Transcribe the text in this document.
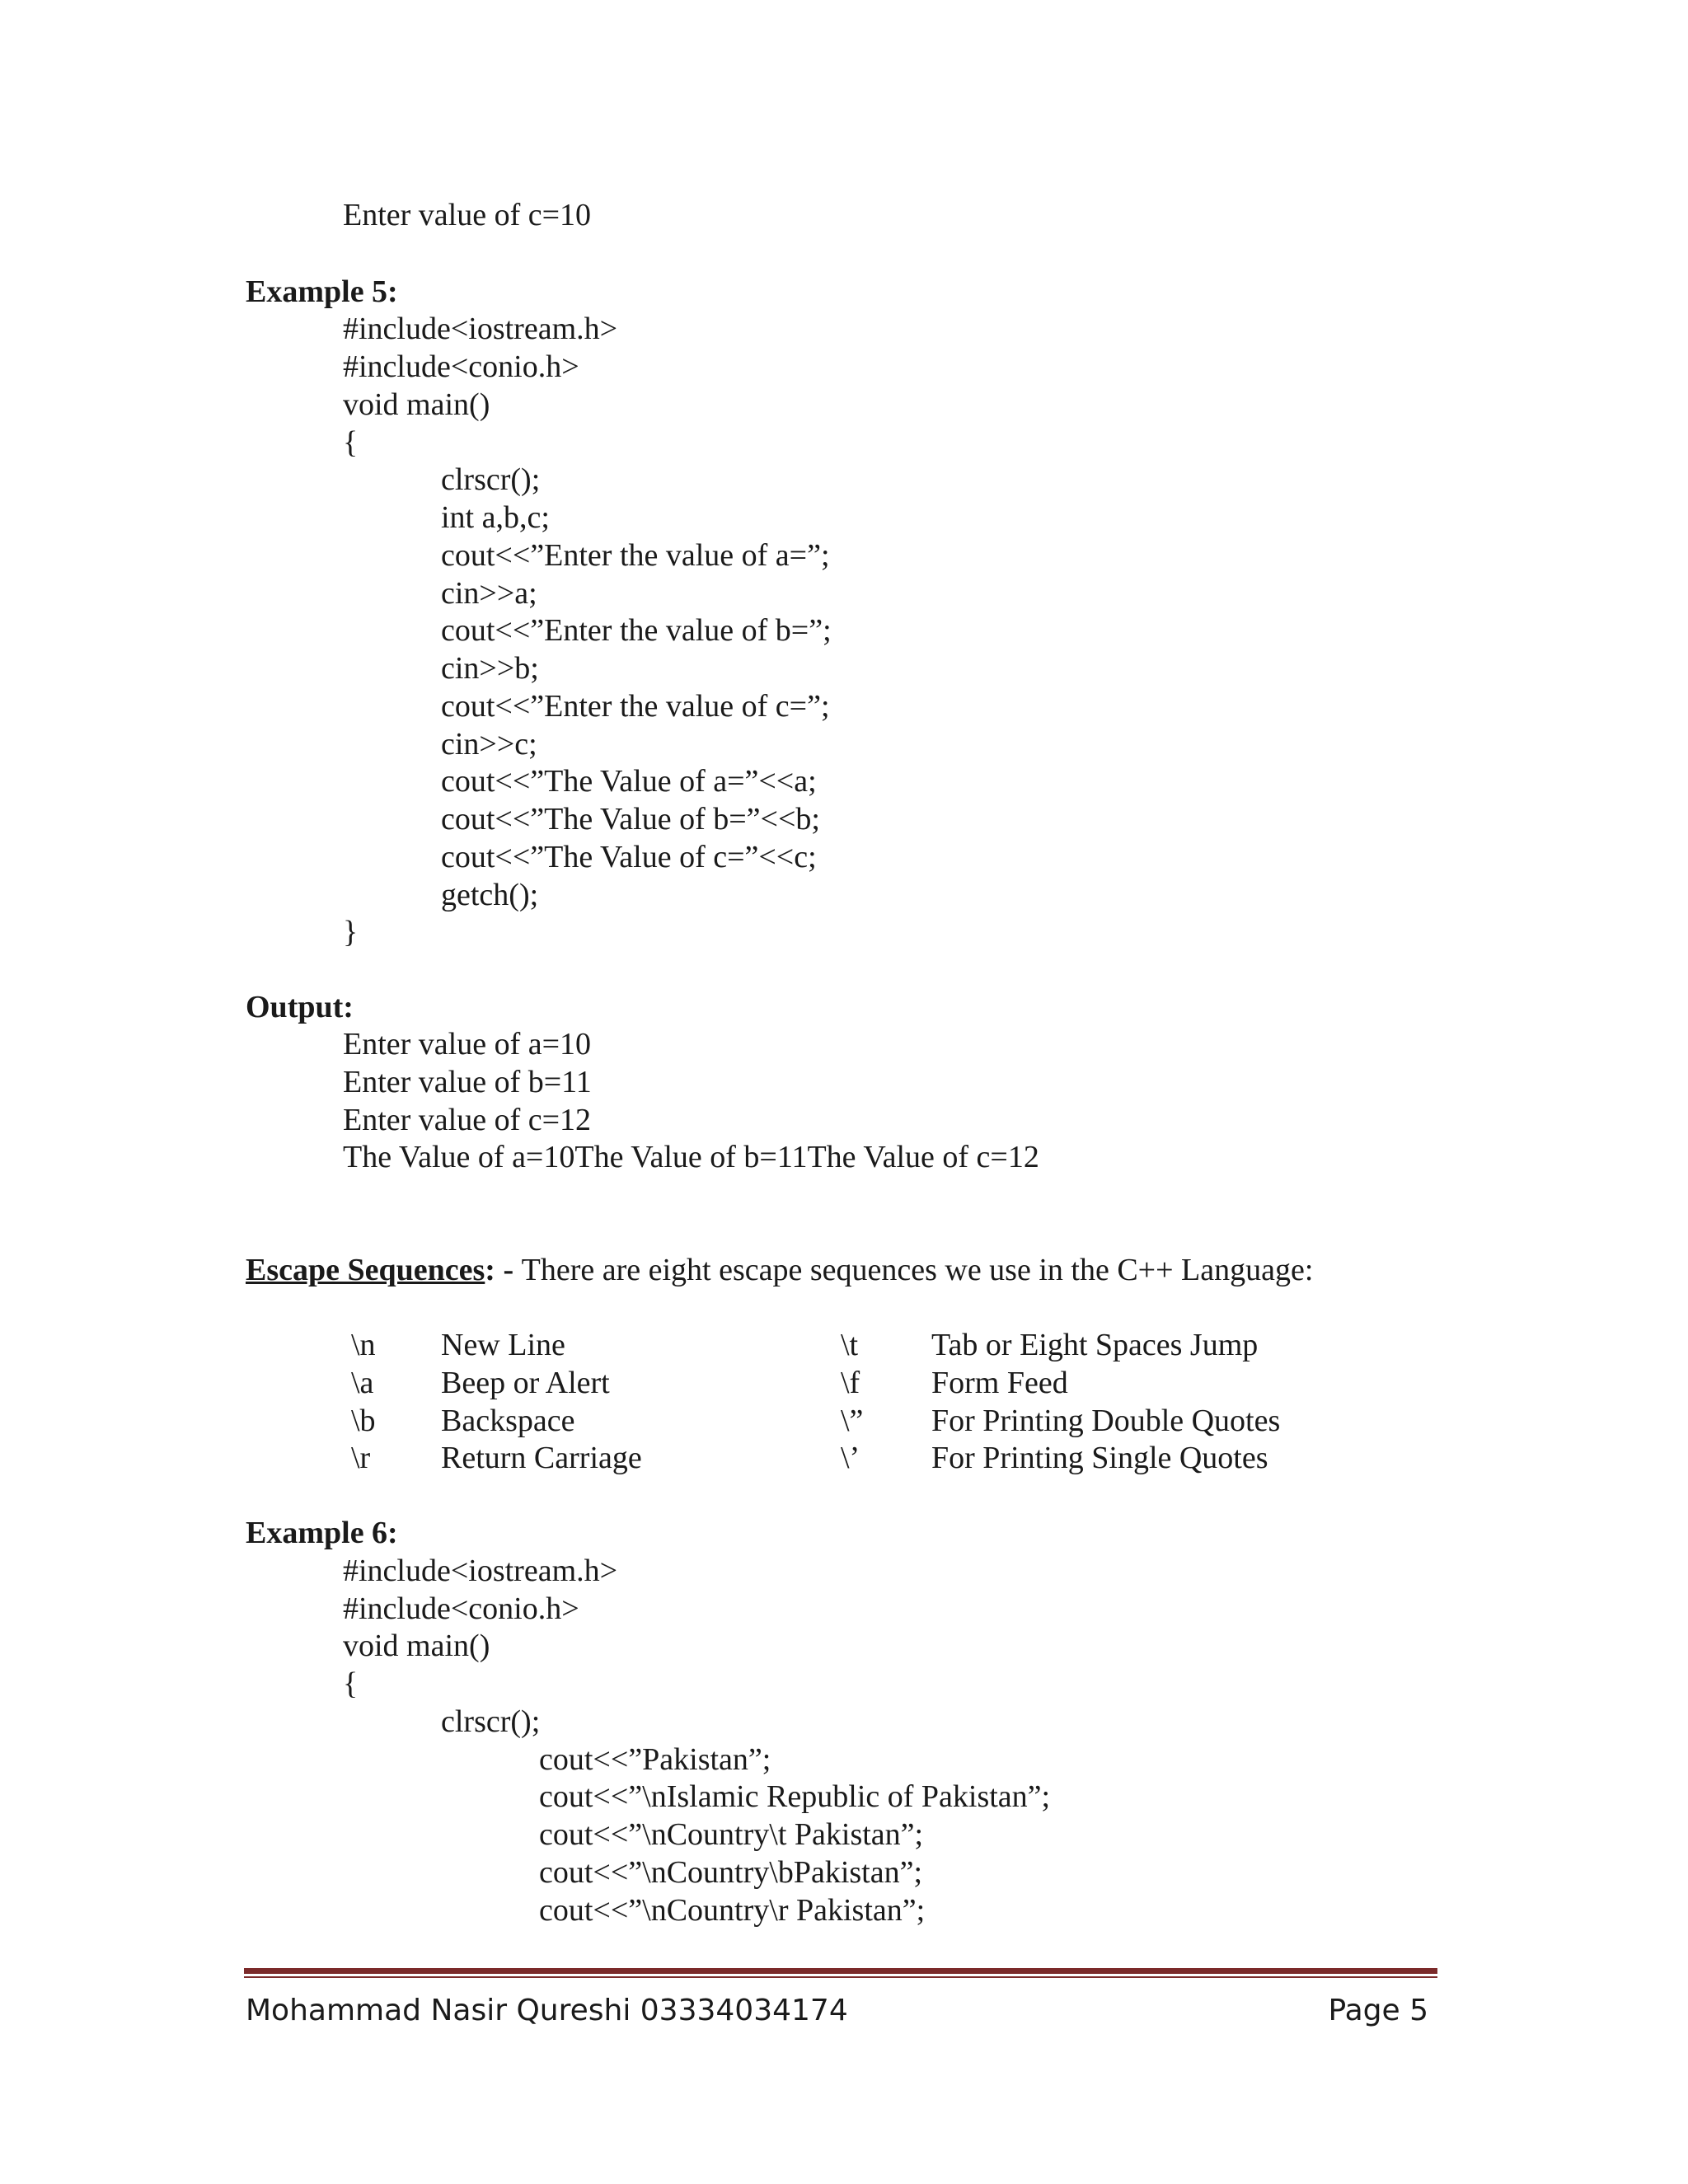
Enter value of c=10
Example 5:
#include<iostream.h>
#include<conio.h>
void main()
{
clrscr();
int a,b,c;
cout<<”Enter the value of a=”;
cin>>a;
cout<<”Enter the value of b=”;
cin>>b;
cout<<”Enter the value of c=”;
cin>>c;
cout<<”The Value of a=”<<a;
cout<<”The Value of b=”<<b;
cout<<”The Value of c=”<<c;
getch();
}
Output:
Enter value of a=10
Enter value of b=11
Enter value of c=12
The Value of a=10The Value of b=11The Value of c=12
Escape Sequences: - There are eight escape sequences we use in the C++ Language:
\n New Line	\t Tab or Eight Spaces Jump
\a Beep or Alert	\f Form Feed
\b Backspace	\” For Printing Double Quotes
\r Return Carriage	\’ For Printing Single Quotes
Example 6:
#include<iostream.h>
#include<conio.h>
void main()
{
clrscr();
cout<<”Pakistan”;
cout<<”\nIslamic Republic of Pakistan”;
cout<<”\nCountry\t Pakistan”;
cout<<”\nCountry\bPakistan”;
cout<<”\nCountry\r Pakistan”;
Mohammad Nasir Qureshi 03334034174	Page 5
